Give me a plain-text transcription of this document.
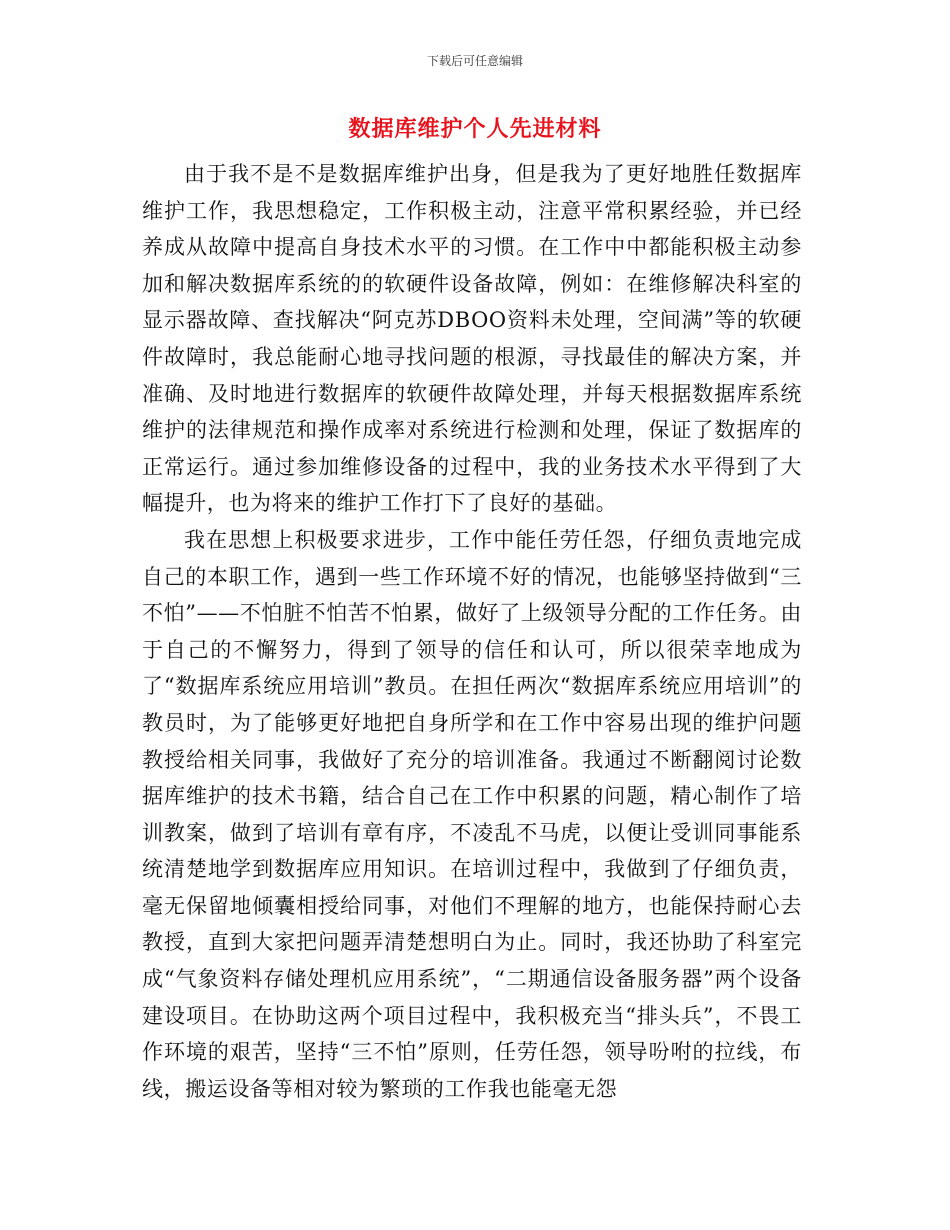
下载后可任意编辑
数据库维护个人先进材料

由于我不是不是数据库维护出身，但是我为了更好地胜任数据库维护工作，我思想稳定，工作积极主动，注意平常积累经验，并已经养成从故障中提高自身技术水平的习惯。在工作中中都能积极主动参加和解决数据库系统的的软硬件设备故障，例如：在维修解决科室的显示器故障、查找解决“阿克苏DBOO资料未处理，空间满”等的软硬件故障时，我总能耐心地寻找问题的根源，寻找最佳的解决方案，并准确、及时地进行数据库的软硬件故障处理，并每天根据数据库系统维护的法律规范和操作成率对系统进行检测和处理，保证了数据库的正常运行。通过参加维修设备的过程中，我的业务技术水平得到了大幅提升，也为将来的维护工作打下了良好的基础。

我在思想上积极要求进步，工作中能任劳任怨，仔细负责地完成自己的本职工作，遇到一些工作环境不好的情况，也能够坚持做到“三不怕”——不怕脏不怕苦不怕累，做好了上级领导分配的工作任务。由于自己的不懈努力，得到了领导的信任和认可，所以很荣幸地成为了“数据库系统应用培训”教员。在担任两次“数据库系统应用培训”的教员时，为了能够更好地把自身所学和在工作中容易出现的维护问题教授给相关同事，我做好了充分的培训准备。我通过不断翻阅讨论数据库维护的技术书籍，结合自己在工作中积累的问题，精心制作了培训教案，做到了培训有章有序，不凌乱不马虎，以便让受训同事能系统清楚地学到数据库应用知识。在培训过程中，我做到了仔细负责，毫无保留地倾囊相授给同事，对他们不理解的地方，也能保持耐心去教授，直到大家把问题弄清楚想明白为止。同时，我还协助了科室完成“气象资料存储处理机应用系统”，“二期通信设备服务器”两个设备建设项目。在协助这两个项目过程中，我积极充当“排头兵”，不畏工作环境的艰苦，坚持“三不怕”原则，任劳任怨，领导吩咐的拉线，布线，搬运设备等相对较为繁琐的工作我也能毫无怨
